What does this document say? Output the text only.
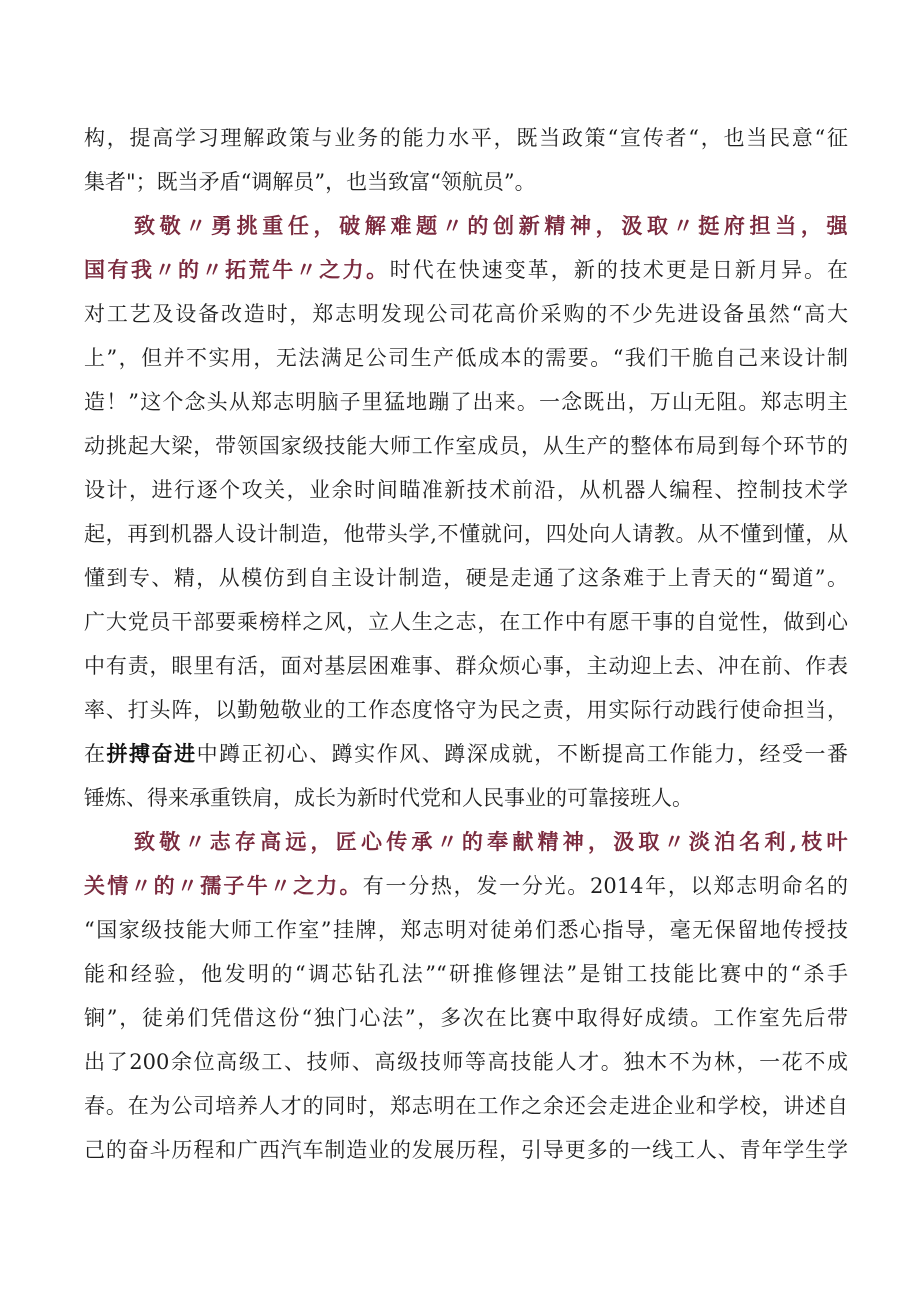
构，提高学习理解政策与业务的能力水平，既当政策“宣传者“，也当民意“征
集者"；既当矛盾“调解员”，也当致富“领航员”。
致敬〃勇挑重任，破解难题〃的创新精神，汲取〃挺府担当，强
国有我〃的〃拓荒牛〃之力。时代在快速变革，新的技术更是日新月异。在
对工艺及设备改造时，郑志明发现公司花高价采购的不少先进设备虽然“高大
上”，但并不实用，无法满足公司生产低成本的需要。“我们干脆自己来设计制
造！”这个念头从郑志明脑子里猛地蹦了出来。一念既出，万山无阻。郑志明主
动挑起大梁，带领国家级技能大师工作室成员，从生产的整体布局到每个环节的
设计，进行逐个攻关，业余时间瞄准新技术前沿，从机器人编程、控制技术学
起，再到机器人设计制造，他带头学,不懂就问，四处向人请教。从不懂到懂，从
懂到专、精，从模仿到自主设计制造，硬是走通了这条难于上青天的“蜀道”。
广大党员干部要乘榜样之风，立人生之志，在工作中有愿干事的自觉性，做到心
中有责，眼里有活，面对基层困难事、群众烦心事，主动迎上去、冲在前、作表
率、打头阵，以勤勉敬业的工作态度恪守为民之责，用实际行动践行使命担当，
在拼搏奋进中蹲正初心、蹲实作风、蹲深成就，不断提高工作能力，经受一番
锤炼、得来承重铁肩，成长为新时代党和人民事业的可靠接班人。
致敬〃志存高远，匠心传承〃的奉献精神，汲取〃淡泊名利,枝叶
关情〃的〃孺子牛〃之力。有一分热，发一分光。2014年，以郑志明命名的
“国家级技能大师工作室”挂牌，郑志明对徒弟们悉心指导，毫无保留地传授技
能和经验，他发明的“调芯钻孔法”“研推修锂法”是钳工技能比赛中的“杀手
锏”，徒弟们凭借这份“独门心法”，多次在比赛中取得好成绩。工作室先后带
出了200余位高级工、技师、高级技师等高技能人才。独木不为林，一花不成
春。在为公司培养人才的同时，郑志明在工作之余还会走进企业和学校，讲述自
己的奋斗历程和广西汽车制造业的发展历程，引导更多的一线工人、青年学生学
